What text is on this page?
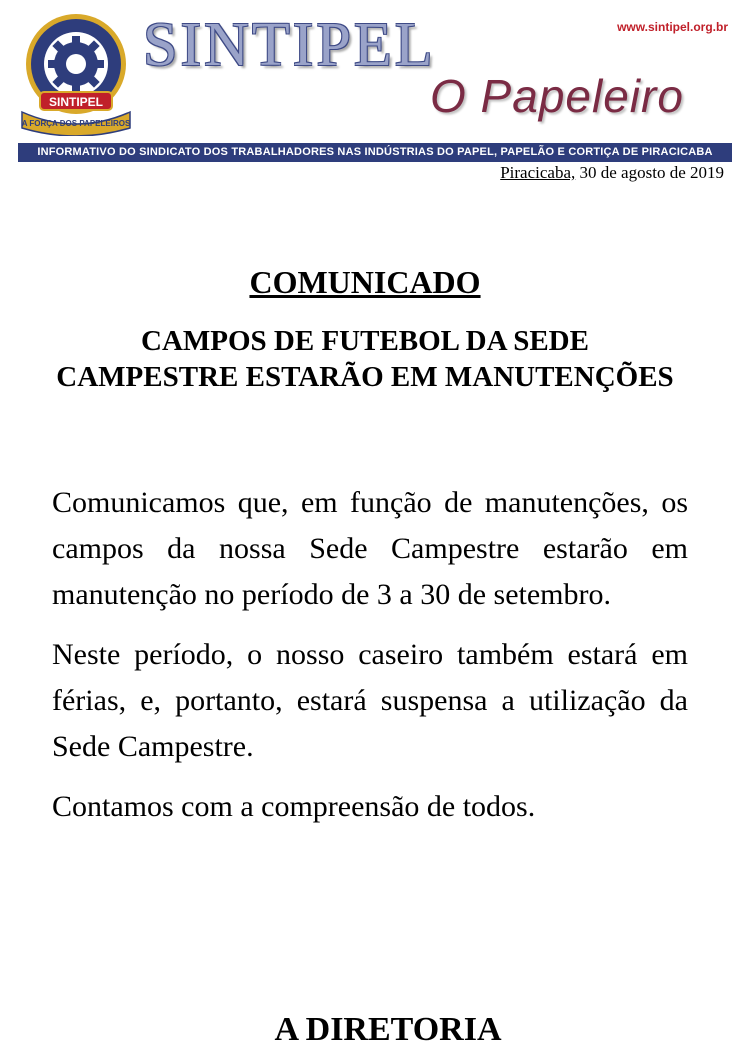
SINTIPEL
A FORÇA DOS PAPELEIROS
SINTIPEL
O Papeleiro
www.sintipel.org.br
INFORMATIVO DO SINDICATO DOS TRABALHADORES NAS INDÚSTRIAS DO PAPEL, PAPELÃO E CORTIÇA DE PIRACICABA
Piracicaba, 30 de agosto de 2019
COMUNICADO
CAMPOS DE FUTEBOL DA SEDE
CAMPESTRE ESTARÃO EM MANUTENÇÕES

Comunicamos que, em função de manutenções, os campos da nossa Sede Campestre estarão em manutenção no período de 3 a 30 de setembro.

Neste período, o nosso caseiro também estará em férias, e, portanto, estará suspensa a utilização da Sede Campestre.

Contamos com a compreensão de todos.

A DIRETORIA
